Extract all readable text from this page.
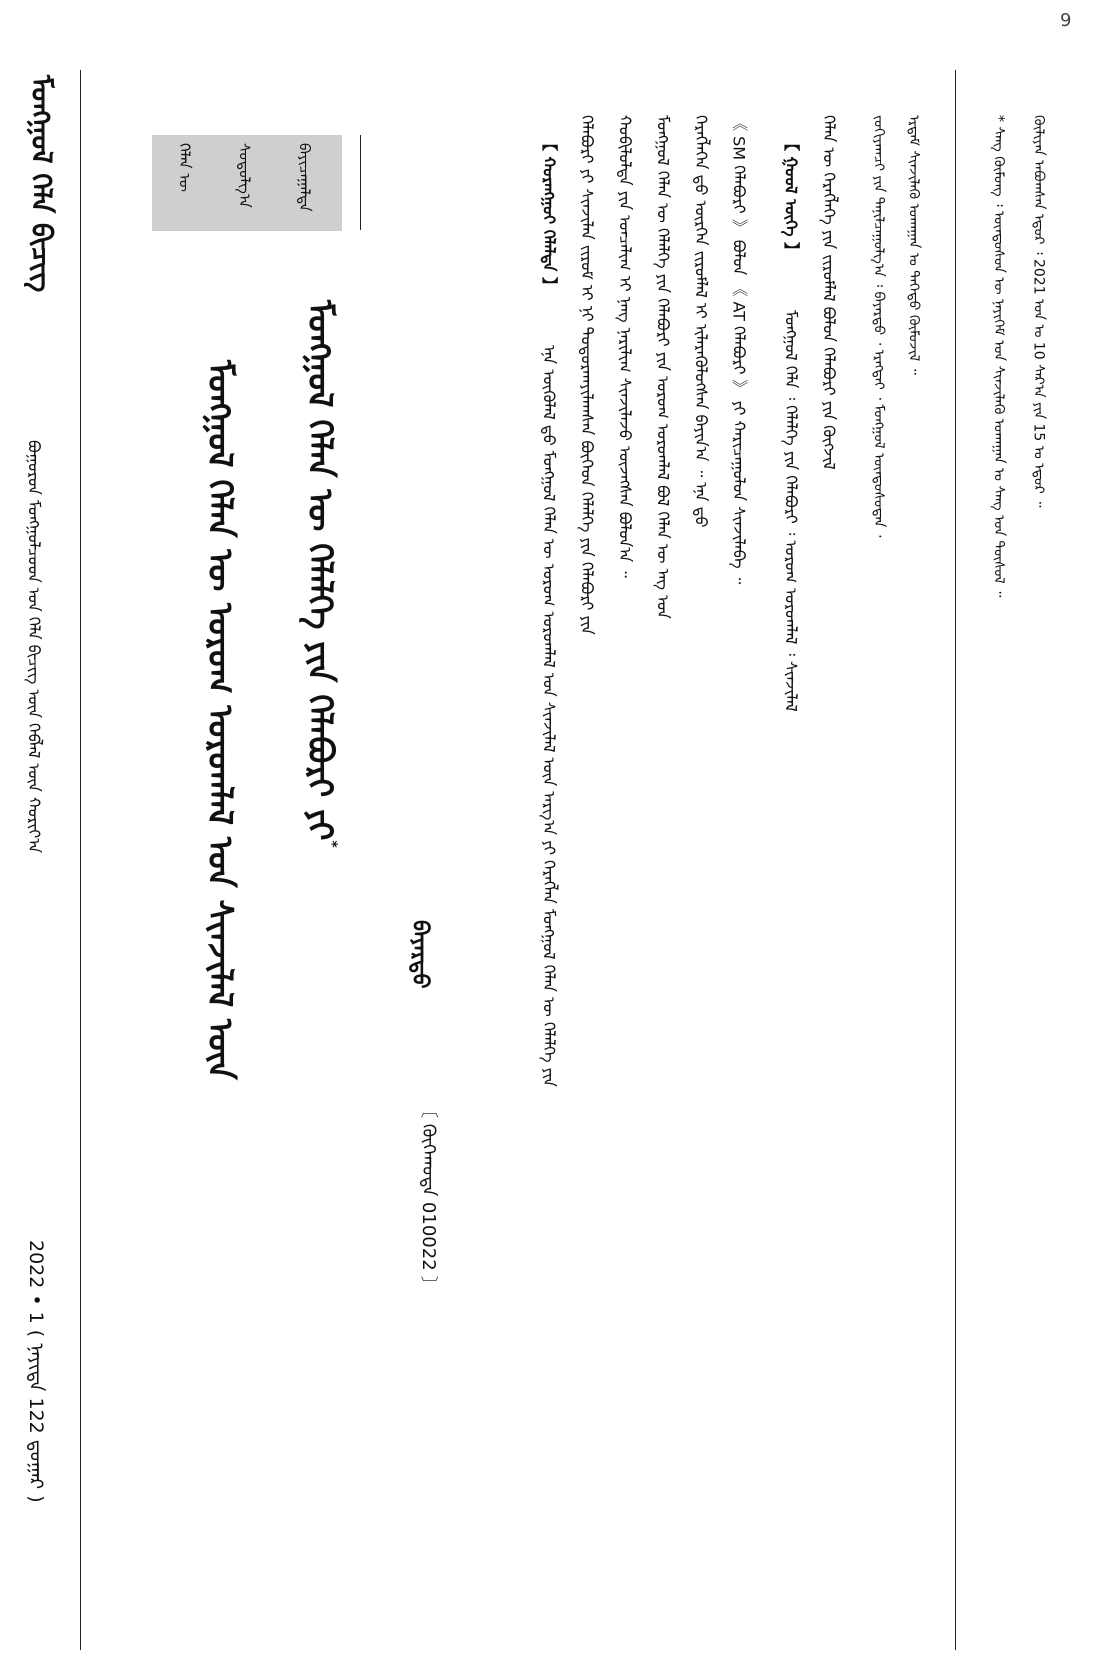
9
ᠮᠣᠩᠭᠣᠯ ᠬᠡᠯᠡ ᠪᠢᠴᠢᠭ
ᠪᠣᠭᠣᠷᠤᠨ ᠮᠣᠩᠭᠣᠯᠴᠤᠳ ᠤᠨ ᠬᠡᠯᠡ ᠪᠢᠴᠢᠭ ᠦᠨ ᠬᠡᠪᠯᠡᠯ ᠦᠨ ᠬᠣᠷᠢᠶ᠎ᠠ
2022 • 1 ( ᠨᠡᠶᠢᠲᠡ 122 ᠳ᠋ᠤᠭᠠᠷ )
ᠬᠡᠯᠡᠨ ᠦ	ᠰᠤᠳᠤᠯᠭ᠎ᠠ	ᠪᠠᠶᠢᠴᠠᠭᠠᠯᠲᠠ
ᠮᠣᠩᠭᠣᠯ ᠬᠡᠯᠡᠨ ᠦ ᠤᠷᠤᠭ ᠤᠷᠤᠭᠯᠠᠯ ᠤᠨ ᠰᠢᠨᠵᠢᠯᠡᠯ ᠦᠨ ᠮᠣᠩᠭᠣᠯ ᠬᠡᠯᠡᠨ ᠦ ᠬᠡᠯᠡᠯᠬᠡ ᠶᠢᠨ ᠬᠡᠯᠡᠪᠦᠷᠢ ᠶᠢ*
ᠪᠠᠶᠠᠷᠲᠤ
〔 ᠬᠥᠬᠡᠬᠣᠲᠠ 010022 〕
【 ᠬᠤᠷᠠᠩᠭᠤᠢ ᠬᠡᠯᠡᠯᠲᠡ 】
ᠡᠨᠡ ᠥᠭᠦᠯᠡᠯ ᠳ᠋ᠦ ᠮᠣᠩᠭᠣᠯ ᠬᠡᠯᠡᠨ ᠦ ᠤᠷᠤᠭ ᠤᠷᠤᠭᠯᠠᠯ ᠤᠨ ᠰᠢᠨᠵᠢᠯᠡᠯ ᠦᠨ ᠠᠷᠭ᠎ᠠ ᠶᠢ ᠬᠡᠷᠡᠭᠯᠡᠨ ᠮᠣᠩᠭᠣᠯ ᠬᠡᠯᠡᠨ ᠦ ᠬᠡᠯᠡᠯᠬᠡ ᠶᠢᠨ ᠬᠡᠯᠡᠪᠦᠷᠢ ᠶᠢ ᠰᠢᠨᠵᠢᠯᠡᠨ ᠵᠢᠷᠤᠮ ᠢ ᠨᠢ ᠲᠣᠳᠣᠷᠬᠠᠶᠢᠯᠠᠭᠰᠠᠨ ᠪᠥᠭᠡᠳ ᠬᠡᠯᠡᠯᠬᠡ ᠶᠢᠨ ᠬᠡᠯᠡᠪᠦᠷᠢ ᠶᠢᠨ ᠬᠤᠪᠢᠯᠤᠯᠲᠠ ᠶᠢᠨ ᠣᠨᠴᠠᠯᠢᠭ ᠢ ᠨᠡᠩ ᠨᠠᠷᠢᠯᠢᠭ ᠰᠢᠨᠵᠢᠯᠡᠵᠦ ᠦᠵᠡᠭᠰᠡᠨ ᠪᠣᠯᠤᠨ᠎ᠠ ᠃ ᠮᠣᠩᠭᠣᠯ ᠬᠡᠯᠡᠨ ᠦ ᠬᠡᠯᠡᠯᠬᠡ ᠶᠢᠨ ᠬᠡᠯᠡᠪᠦᠷᠢ ᠶᠢᠨ ᠤᠷᠤᠭ ᠤᠷᠤᠭᠯᠠᠯ ᠪᠣᠯ ᠬᠡᠯᠡᠨ ᠦ ᠡᠩ ᠤᠨ ᠬᠡᠷᠡᠭᠯᠡᠭᠡᠨ ᠳ᠋ᠦ ᠥᠷᠬᠡᠨ ᠵᠢᠷᠤᠮᠯᠠᠯ ᠢ ᠢᠯᠡᠷᠡᠭᠦᠯᠦᠭᠰᠡᠨ ᠪᠠᠶᠢᠨ᠎ᠠ ᠃ ᠡᠨᠡ ᠳ᠋ᠦ 《 SM ᠬᠡᠯᠡᠪᠦᠷᠢ 》 ᠪᠣᠯᠤᠨ 《 AT ᠬᠡᠯᠡᠪᠦᠷᠢ 》 ᠶᠢ ᠬᠠᠷᠢᠴᠠᠭᠤᠯᠤᠨ ᠰᠢᠨᠵᠢᠯᠡᠪᠡ ᠃ 【 ᠭᠣᠣᠯ ᠦᠭᠡ 】
ᠮᠣᠩᠭᠣᠯ ᠬᠡᠯᠡ ᠄ ᠬᠡᠯᠡᠯᠬᠡ ᠶᠢᠨ ᠬᠡᠯᠡᠪᠦᠷᠢ ᠄ ᠤᠷᠤᠭ ᠤᠷᠤᠭᠯᠠᠯ ᠄ ᠰᠢᠨᠵᠢᠯᠡᠯ
ᠬᠡᠯᠡᠨ ᠦ ᠬᠡᠷᠡᠭᠯᠡᠭᠡ ᠶᠢᠨ ᠵᠢᠷᠤᠮᠯᠠᠯ ᠪᠣᠯᠤᠨ ᠬᠡᠯᠡᠪᠦᠷᠢ ᠶᠢᠨ ᠬᠥᠭᠵᠢᠯ ᠵᠣᠬᠢᠶᠠᠭᠴᠢ ᠶᠢᠨ ᠲᠠᠨᠢᠯᠴᠠᠭᠤᠯᠭ᠎ᠠ ᠄ ᠪᠠᠶᠠᠷᠲᠤ ᠂ ᠡᠷᠡᠭᠲᠡᠢ ᠂ ᠮᠣᠩᠭᠣᠯ ᠦᠨᠳᠦᠰᠦᠲᠡᠨ ᠂ ᠡᠷᠳᠡᠮ ᠰᠢᠨᠵᠢᠯᠡᠬᠦ ᠤᠬᠠᠭᠠᠨ ᠤ ᠳᠡᠭᠡᠳᠦ ᠬᠦᠮᠦᠵᠢᠯ ᠃	* ᠰᠠᠩ ᠬᠥᠮᠥᠩ ᠄ ᠦᠨᠳᠦᠰᠦᠨ ᠦ ᠨᠡᠶᠢᠭᠡᠮ ᠤᠨ ᠰᠢᠨᠵᠢᠯᠡᠬᠦ ᠤᠬᠠᠭᠠᠨ ᠤ ᠰᠠᠩ ᠤᠨ ᠲᠥᠰᠥᠯ ᠃ ᠬᠦᠯᠢᠶᠡᠨ ᠠᠪᠤᠭᠰᠠᠨ ᠡᠳᠦᠷ ᠄ 2021 ᠣᠨ ᠤ 10 ᠰᠠᠷ᠎ᠠ ᠶᠢᠨ 15 ᠤ ᠡᠳᠦᠷ ᠃
